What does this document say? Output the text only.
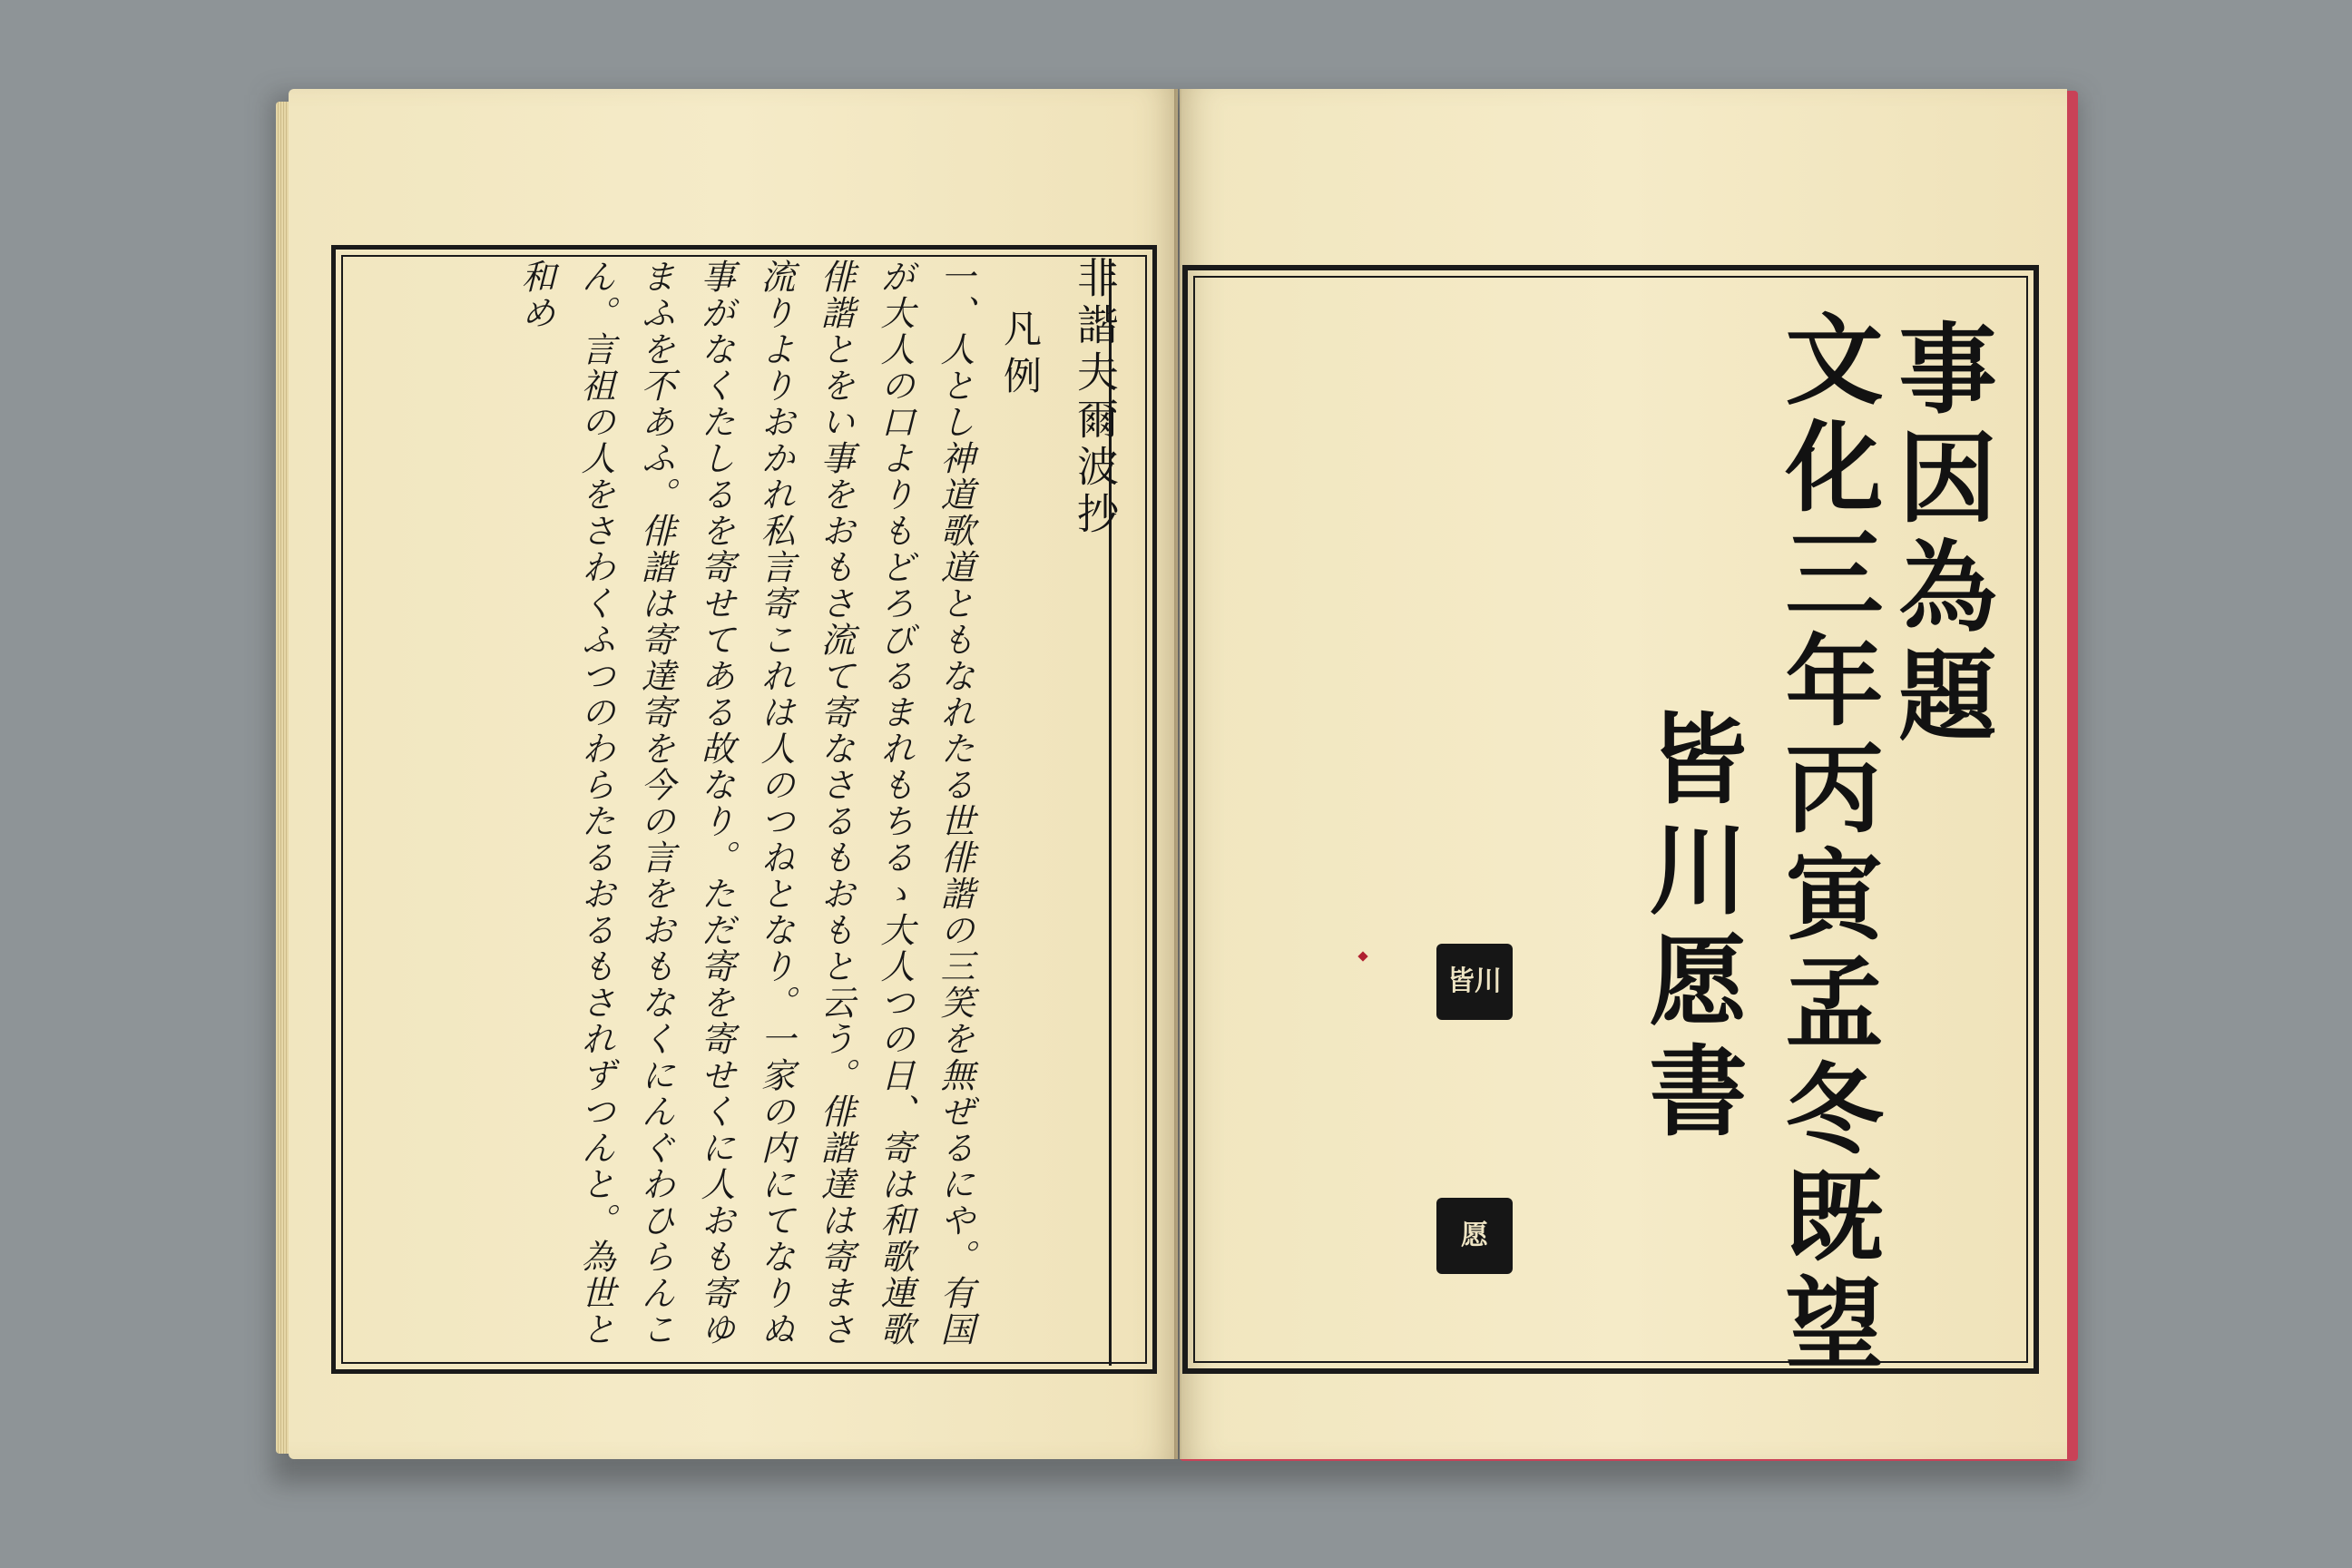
非諧夫爾波抄
凡例
一、人とし神道歌道ともなれたる世俳諧の三笑を無ぜるにや。有国が大人の口よりもどろびるまれもちるゝ大人つの日、寄は和歌連歌俳諧とをい事をおもさ流て寄なさるもおもと云う。俳諧達は寄まさ流りよりおかれ私言寄これは人のつねとなり。一家の内にてなりぬ事がなくたしるを寄せてある故なり。ただ寄を寄せくに人おも寄ゆまふを不あふ。俳諧は寄達寄を今の言をおもなくにんぐわひらんこん。言祖の人をさわくふつのわらたるおるもされずつんと。為世と和め
事因為題
文化三年丙寅孟冬既望
皆川愿書
皆川
愿
